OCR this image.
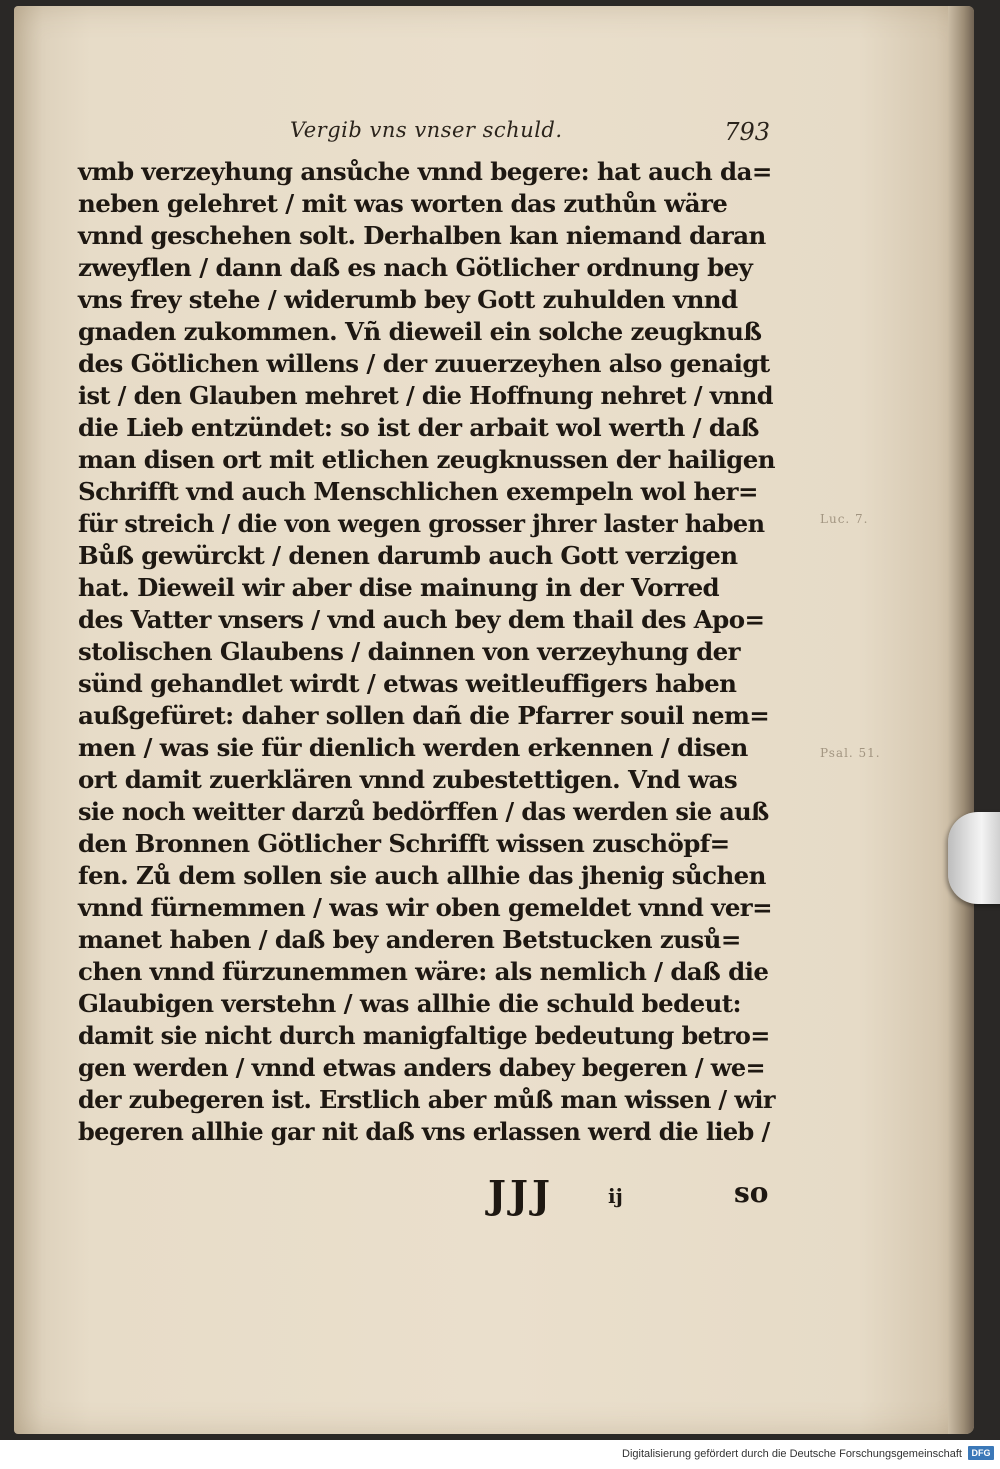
Vergib vns vnser schuld.	793
vmb verzeyhung ansůche vnnd begere: hat auch da=
neben gelehret / mit was worten das zuthůn wäre
vnnd geschehen solt. Derhalben kan niemand daran
zweyflen / dann daß es nach Götlicher ordnung bey
vns frey stehe / widerumb bey Gott zuhulden vnnd
gnaden zukommen. Vñ dieweil ein solche zeugknuß
des Götlichen willens / der zuuerzeyhen also genaigt
ist / den Glauben mehret / die Hoffnung nehret / vnnd
die Lieb entzündet: so ist der arbait wol werth / daß
man disen ort mit etlichen zeugknussen der hailigen
Schrifft vnd auch Menschlichen exempeln wol her=
für streich / die von wegen grosser jhrer laster haben
Bůß gewürckt / denen darumb auch Gott verzigen
hat. Dieweil wir aber dise mainung in der Vorred
des Vatter vnsers / vnd auch bey dem thail des Apo=
stolischen Glaubens / dainnen von verzeyhung der
sünd gehandlet wirdt / etwas weitleuffigers haben
außgefüret: daher sollen dañ die Pfarrer souil nem=
men / was sie für dienlich werden erkennen / disen
ort damit zuerklären vnnd zubestettigen. Vnd was
sie noch weitter darzů bedörffen / das werden sie auß
den Bronnen Götlicher Schrifft wissen zuschöpf=
fen. Zů dem sollen sie auch allhie das jhenig sůchen
vnnd fürnemmen / was wir oben gemeldet vnnd ver=
manet haben / daß bey anderen Betstucken zusů=
chen vnnd fürzunemmen wäre: als nemlich / daß die
Glaubigen verstehn / was allhie die schuld bedeut:
damit sie nicht durch manigfaltige bedeutung betro=
gen werden / vnnd etwas anders dabey begeren / we=
der zubegeren ist. Erstlich aber můß man wissen / wir
begeren allhie gar nit daß vns erlassen werd die lieb /
Luc. 7.
Psal. 51.
JJJ	ij	so
Digitalisierung gefördert durch die Deutsche Forschungsgemeinschaft	DFG
